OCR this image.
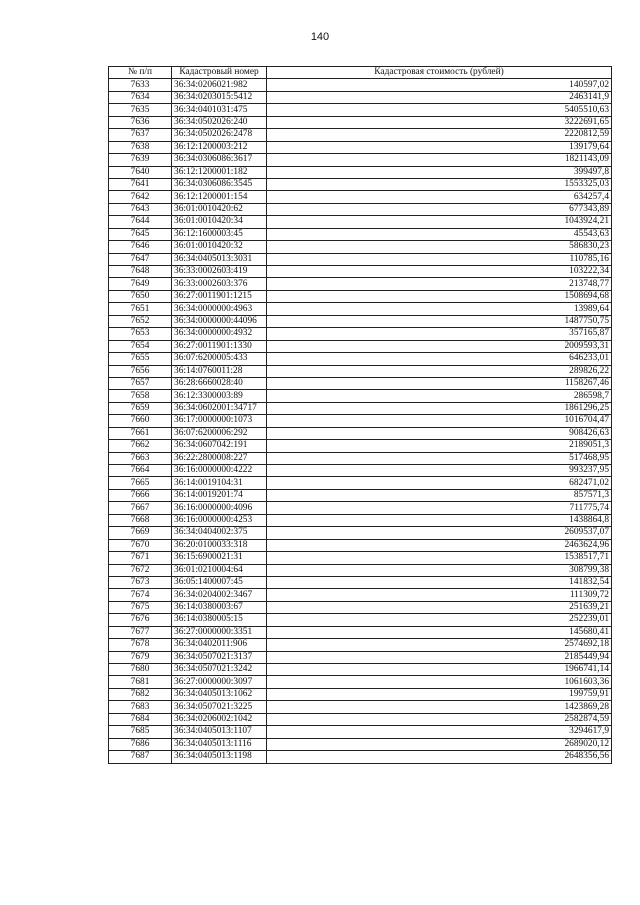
140
№ п/п	Кадастровый номер	Кадастровая стоимость (рублей)
7633	36:34:0206021:982	140597,02
7634	36:34:0203015:5412	2463141,9
7635	36:34:0401031:475	5405510,63
7636	36:34:0502026:240	3222691,65
7637	36:34:0502026:2478	2220812,59
7638	36:12:1200003:212	139179,64
7639	36:34:0306086:3617	1821143,09
7640	36:12:1200001:182	399497,8
7641	36:34:0306086:3545	1553325,03
7642	36:12:1200001:154	634257,4
7643	36:01:0010420:62	677343,89
7644	36:01:0010420:34	1043924,21
7645	36:12:1600003:45	45543,63
7646	36:01:0010420:32	586830,23
7647	36:34:0405013:3031	110785,16
7648	36:33:0002603:419	103222,34
7649	36:33:0002603:376	213748,77
7650	36:27:0011901:1215	1508694,68
7651	36:34:0000000:4963	13989,64
7652	36:34:0000000:44096	1487750,75
7653	36:34:0000000:4932	357165,87
7654	36:27:0011901:1330	2009593,31
7655	36:07:6200005:433	646233,01
7656	36:14:0760011:28	289826,22
7657	36:28:6660028:40	1158267,46
7658	36:12:3300003:89	286598,7
7659	36:34:0602001:34717	1861296,25
7660	36:17:0000000:1073	1016704,47
7661	36:07:6200006:292	908426,63
7662	36:34:0607042:191	2189051,3
7663	36:22:2800008:227	517468,95
7664	36:16:0000000:4222	993237,95
7665	36:14:0019104:31	682471,02
7666	36:14:0019201:74	857571,3
7667	36:16:0000000:4096	711775,74
7668	36:16:0000000:4253	1438864,8
7669	36:34:0404002:375	2609537,07
7670	36:20:0100033:318	2463624,96
7671	36:15:6900021:31	1538517,71
7672	36:01:0210004:64	308799,38
7673	36:05:1400007:45	141832,54
7674	36:34:0204002:3467	111309,72
7675	36:14:0380003:67	251639,21
7676	36:14:0380005:15	252239,01
7677	36:27:0000000:3351	145680,41
7678	36:34:0402011:906	2574692,18
7679	36:34:0507021:3137	2185449,94
7680	36:34:0507021:3242	1966741,14
7681	36:27:0000000:3097	1061603,36
7682	36:34:0405013:1062	199759,91
7683	36:34:0507021:3225	1423869,28
7684	36:34:0206002:1042	2582874,59
7685	36:34:0405013:1107	3294617,9
7686	36:34:0405013:1116	2689020,12
7687	36:34:0405013:1198	2648356,56
